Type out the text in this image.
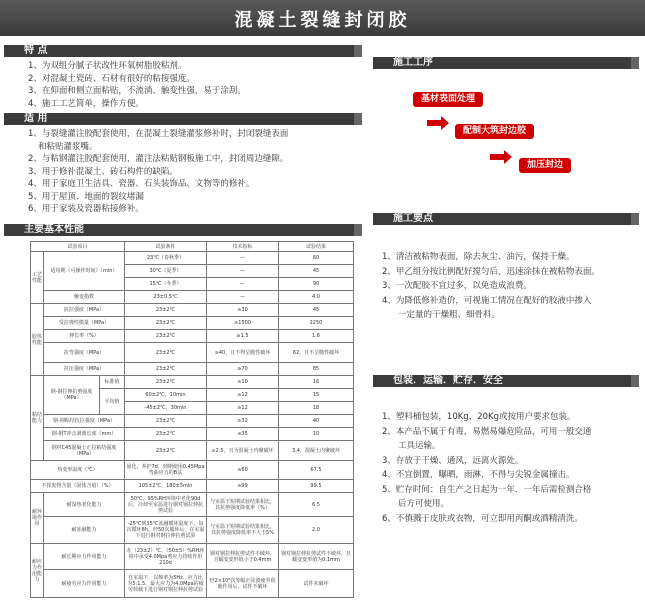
混凝土裂缝封闭胶
特 点
1、为双组分腻子状改性环氧树脂胶粘剂。
2、对混凝土瓷砖、石材有很好的粘接强度。
3、在仰面和侧立面粘贴，不流淌、触变性强，易于涂刮。
4、施工工艺简单，操作方便。
适 用
1、与裂缝灌注胶配套使用，在混凝土裂缝灌浆修补时，封闭裂缝表面
和粘贴灌浆嘴。
2、与粘钢灌注胶配套使用，灌注法粘贴钢板施工中，封闭周边缝隙。
3、用于修补混凝土、砖石构件的缺陷。
4、用于家庭卫生洁具、瓷器、石头装饰品、文物等的修补。
5、用于屋顶、地面的裂纹堵漏
6、用于家装及瓷器粘接修补。
主要基本性能
试验项目			试验条件	技术指标	试验结果
工艺性能	适用期（可操作时间）（min）		23℃（春秋季）	—	60
			30℃（夏季）	—	45
			15℃（冬季）	—	90
	触变指数		23±0.5℃	—	4.0
胶体性能	抗拉强度（MPa）		23±2℃	≥30	45
	受拉弹性模量（MPa）		23±2℃	≥1500	2250
	伸长率（%）		23±2℃	≥1.5	1.6
	抗弯强度（MPa）		23±2℃	≥40，且不得呈脆性破坏	62，且不呈脆性破坏
	抗压强度（MPa）		23±2℃	≥70	85
粘结能力	钢-钢拉伸抗剪强度（MPa）	标准值	23±2℃	≥10	16
		平均值	60±2℃，10min	≥12	15
			-45±2℃，30min	≥12	18
	钢-钢粘结抗拉强度（MPa）		23±2℃	≥32	40
	钢-钢T冲击剥离长度（mm）		23±2℃	≤35	10
	钢材C45混凝土正拉粘结强度（MPa）		23±2℃	≥2.5，且为混凝土内聚破坏	3.4，混凝土内聚破坏
热变形温度（℃）			固化，养护7d，到期使用0.45Mpa弯曲应力的B法	≥60	67.5
不挥发物含量（固体含量）（%）			105±2℃，180±5min	≥99	99.5
耐环境作用	耐湿热老化能力		50℃、95%RH环境中老化90d后，冷却至室温进行钢对钢拉伸抗剪试验	与室温下短期试验结果相比，其抗剪强度降低率（%）	6.5
	耐冻融能力		-25℃到35℃冻融循环温度下，每次循环8h，经50次循环后，在室温下进行钢对钢拉伸抗剪试验	与室温下短期试验结果相比，其抗剪强度降低率不大于5%	2.0
耐应力作用能力	耐长期应力作用能力		在（23±2）℃、（50±5）%RH环境中承受4.0Mpa剪应力持续作用210d	钢对钢拉伸抗剪试件不破坏，且蠕变变形值小于0.4mm	钢对钢拉伸抗剪试件不破坏，且蠕变变形值为0.1mm
	耐疲劳应力作用能力		在室温下，以频率为5Hz、应力比为5:1.5、最大应力为4.0Mpa的疲劳荷载下进行钢对钢拉伸抗剪试验	经2×10⁶次等幅正弦波疲劳荷载作用后，试件不破坏	试件未破坏
施工工序
基材表面处理
配制大筑封边胶
加压封边
施工要点
1、清洁被粘物表面，除去灰尘、油污，保持干燥。
2、甲乙组分按比例配好搅匀后，迅速涂抹在被粘物表面。
3、一次配胶不宜过多，以免造成浪费。
4、为降低修补造价，可视施工情况在配好的胶液中掺入
一定量的干燥粗、细骨料。
包装．运输．贮存．安全
1、塑料桶包装，10Kg、20Kg或按用户要求包装。
2、本产品不属于有毒，易燃易爆危险品，可用一般交通
工具运输。
3、存放于干燥、通风，远离火源处。
4、不宜倒置，曝晒，雨淋，不得与尖锐金属撞击。
5、贮存时间：自生产之日起为一年．一年后需检测合格
后方可使用。
6、不慎溅于皮肤或衣物，可立即用丙酮或酒精清洗。
